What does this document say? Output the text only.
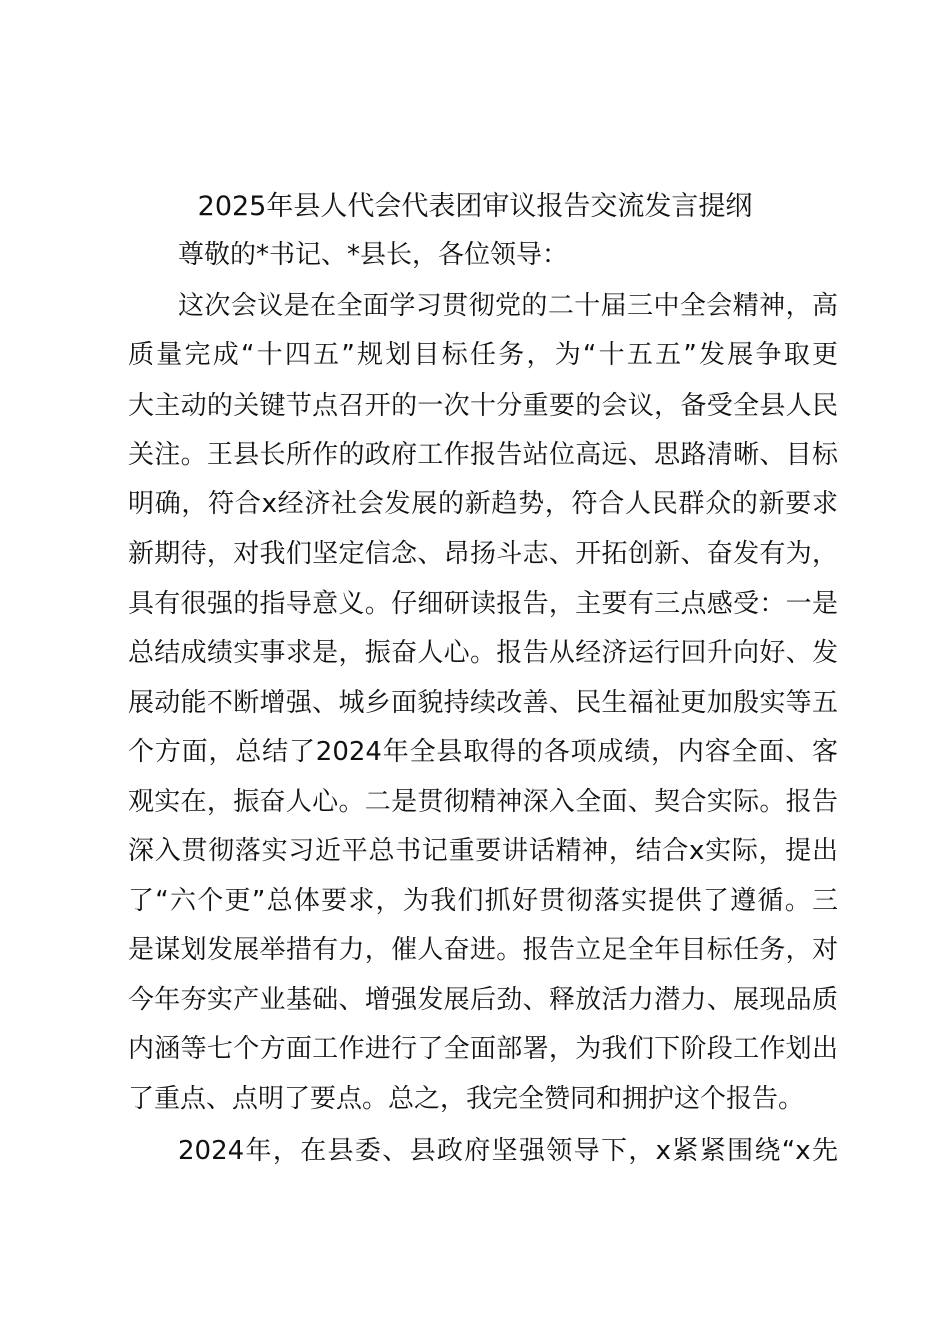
2025年县人代会代表团审议报告交流发言提纲
尊敬的*书记、*县长，各位领导：
这次会议是在全面学习贯彻党的二十届三中全会精神，高
质量完成“十四五”规划目标任务，为“十五五”发展争取更
大主动的关键节点召开的一次十分重要的会议，备受全县人民
关注。王县长所作的政府工作报告站位高远、思路清晰、目标
明确，符合x经济社会发展的新趋势，符合人民群众的新要求
新期待，对我们坚定信念、昂扬斗志、开拓创新、奋发有为，
具有很强的指导意义。仔细研读报告，主要有三点感受：一是
总结成绩实事求是，振奋人心。报告从经济运行回升向好、发
展动能不断增强、城乡面貌持续改善、民生福祉更加殷实等五
个方面，总结了2024年全县取得的各项成绩，内容全面、客
观实在，振奋人心。二是贯彻精神深入全面、契合实际。报告
深入贯彻落实习近平总书记重要讲话精神，结合x实际，提出
了“六个更”总体要求，为我们抓好贯彻落实提供了遵循。三
是谋划发展举措有力，催人奋进。报告立足全年目标任务，对
今年夯实产业基础、增强发展后劲、释放活力潜力、展现品质
内涵等七个方面工作进行了全面部署，为我们下阶段工作划出
了重点、点明了要点。总之，我完全赞同和拥护这个报告。
2024年，在县委、县政府坚强领导下，x紧紧围绕“x先
